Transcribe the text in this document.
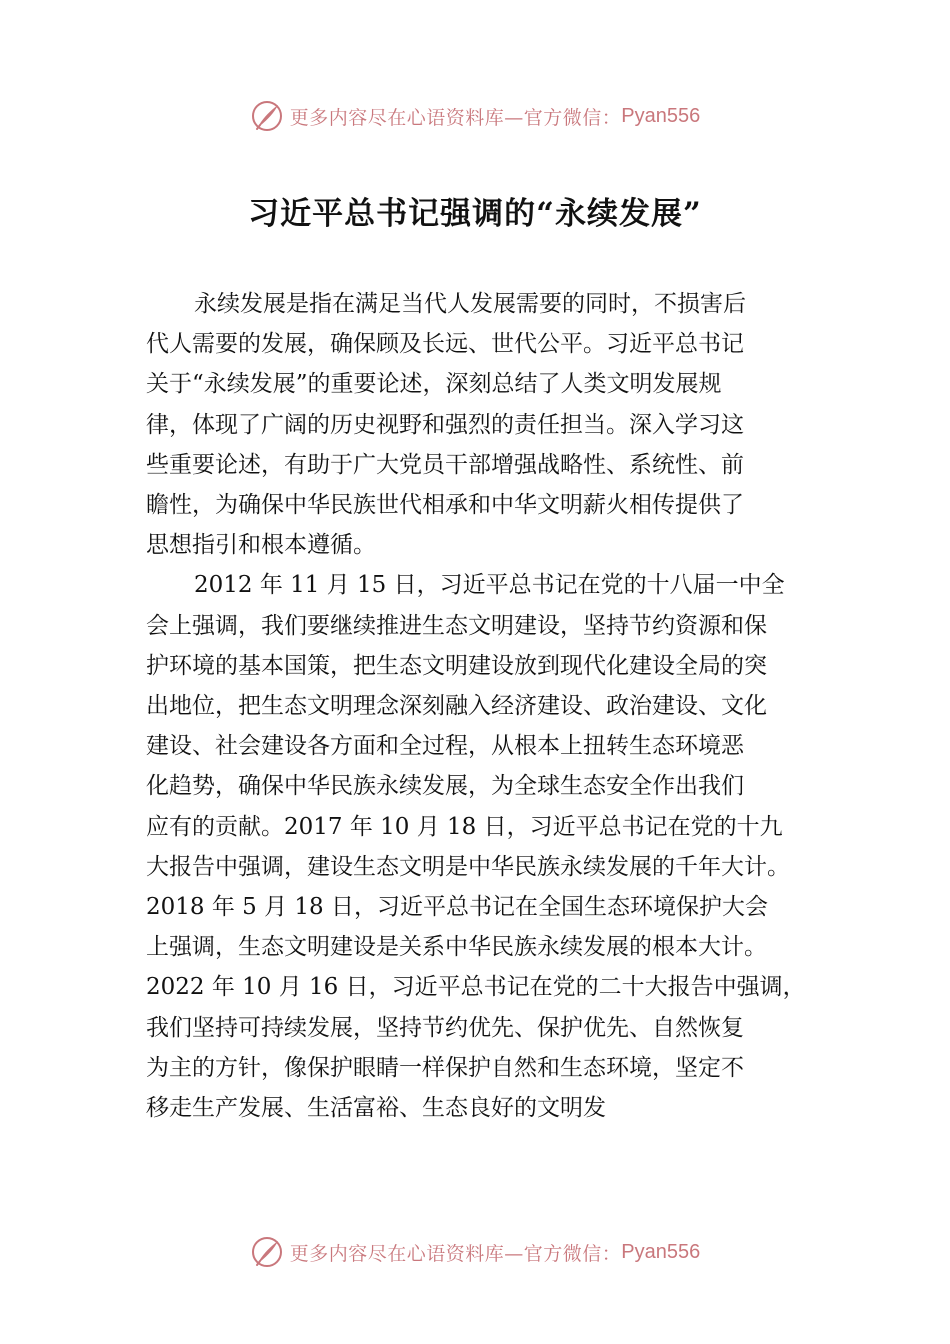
更多内容尽在心语资料库—官方微信： Pyan556
习近平总书记强调的“永续发展”

永续发展是指在满足当代人发展需要的同时，不损害后

代人需要的发展，确保顾及长远、世代公平。习近平总书记

关于“永续发展”的重要论述，深刻总结了人类文明发展规

律，体现了广阔的历史视野和强烈的责任担当。深入学习这

些重要论述，有助于广大党员干部增强战略性、系统性、前

瞻性，为确保中华民族世代相承和中华文明薪火相传提供了

思想指引和根本遵循。

2012 年 11 月 15 日，习近平总书记在党的十八届一中全

会上强调，我们要继续推进生态文明建设，坚持节约资源和保

护环境的基本国策，把生态文明建设放到现代化建设全局的突

出地位，把生态文明理念深刻融入经济建设、政治建设、文化

建设、社会建设各方面和全过程，从根本上扭转生态环境恶

化趋势，确保中华民族永续发展，为全球生态安全作出我们

应有的贡献。2017 年 10 月 18 日，习近平总书记在党的十九

大报告中强调，建设生态文明是中华民族永续发展的千年大计。

2018 年 5 月 18 日，习近平总书记在全国生态环境保护大会

上强调，生态文明建设是关系中华民族永续发展的根本大计。

2022 年 10 月 16 日，习近平总书记在党的二十大报告中强调，

我们坚持可持续发展，坚持节约优先、保护优先、自然恢复

为主的方针，像保护眼睛一样保护自然和生态环境，坚定不

移走生产发展、生活富裕、生态良好的文明发

更多内容尽在心语资料库—官方微信： Pyan556
